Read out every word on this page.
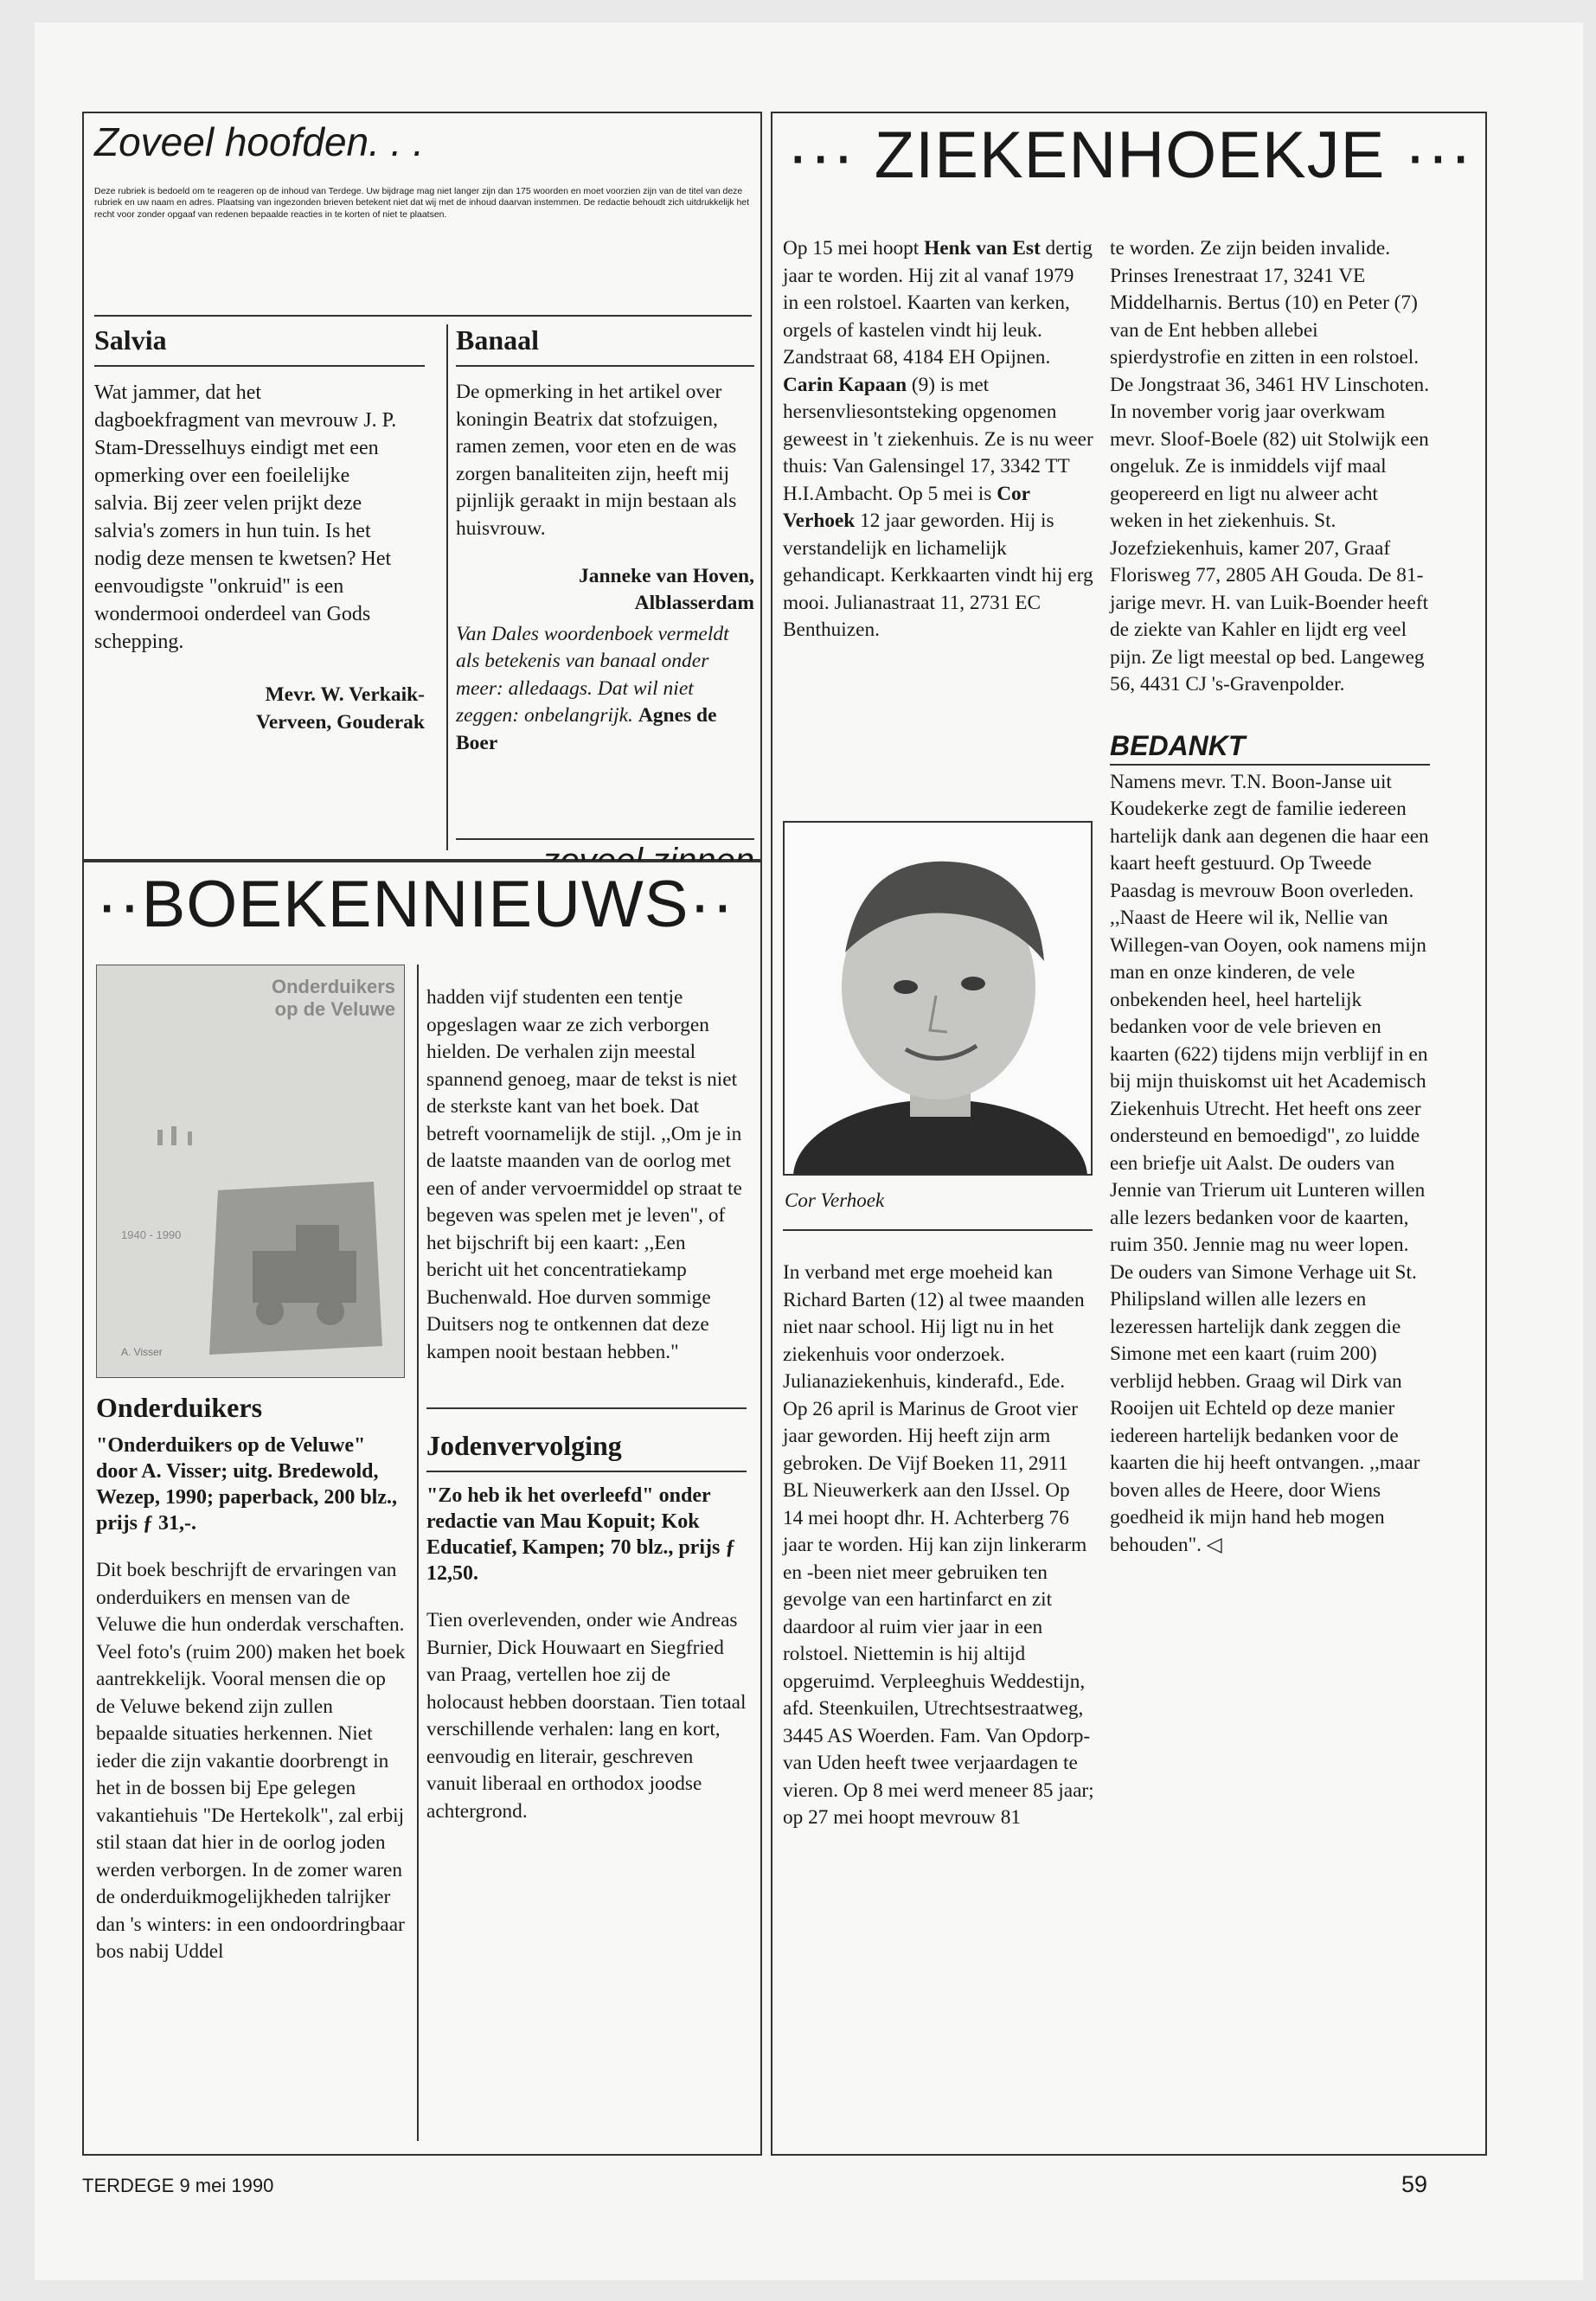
Zoveel hoofden. . .
Deze rubriek is bedoeld om te reageren op de inhoud van Terdege. Uw bijdrage mag niet langer zijn dan 175 woorden en moet voorzien zijn van de titel van deze rubriek en uw naam en adres. Plaatsing van ingezonden brieven betekent niet dat wij met de inhoud daarvan instemmen. De redactie behoudt zich uitdrukkelijk het recht voor zonder opgaaf van redenen bepaalde reacties in te korten of niet te plaatsen.
Salvia

Wat jammer, dat het dagboekfragment van mevrouw J. P. Stam-Dresselhuys eindigt met een opmerking over een foeilelijke salvia. Bij zeer velen prijkt deze salvia's zomers in hun tuin. Is het nodig deze mensen te kwetsen? Het eenvoudigste "onkruid" is een wondermooi onderdeel van Gods schepping.

Mevr. W. Verkaik-
Verveen, Gouderak
Banaal

De opmerking in het artikel over koningin Beatrix dat stofzuigen, ramen zemen, voor eten en de was zorgen banaliteiten zijn, heeft mij pijnlijk geraakt in mijn bestaan als huisvrouw.

Janneke van Hoven,
Alblasserdam

Van Dales woordenboek vermeldt als betekenis van banaal onder meer: alledaags. Dat wil niet zeggen: onbelangrijk. Agnes de Boer

··BOEKENNIEUWS··
Onderduikers
op de Veluwe
1940 - 1990
A. Visser
Onderduikers

"Onderduikers op de Veluwe" door A. Visser; uitg. Bredewold, Wezep, 1990; paperback, 200 blz., prijs ƒ 31,-.

Dit boek beschrijft de ervaringen van onderduikers en mensen van de Veluwe die hun onderdak verschaften. Veel foto's (ruim 200) maken het boek aantrekkelijk. Vooral mensen die op de Veluwe bekend zijn zullen bepaalde situaties herkennen. Niet ieder die zijn vakantie doorbrengt in het in de bossen bij Epe gelegen vakantiehuis "De Hertekolk", zal erbij stil staan dat hier in de oorlog joden werden verborgen. In de zomer waren de onderduikmogelijkheden talrijker dan 's winters: in een ondoordringbaar bos nabij Uddel

hadden vijf studenten een tentje opgeslagen waar ze zich verborgen hielden. De verhalen zijn meestal spannend genoeg, maar de tekst is niet de sterkste kant van het boek. Dat betreft voornamelijk de stijl. ,,Om je in de laatste maanden van de oorlog met een of ander vervoermiddel op straat te begeven was spelen met je leven", of het bijschrift bij een kaart: ,,Een bericht uit het concentratiekamp Buchenwald. Hoe durven sommige Duitsers nog te ontkennen dat deze kampen nooit bestaan hebben."

Jodenvervolging

"Zo heb ik het overleefd" onder redactie van Mau Kopuit; Kok Educatief, Kampen; 70 blz., prijs ƒ 12,50.

Tien overlevenden, onder wie Andreas Burnier, Dick Houwaart en Siegfried van Praag, vertellen hoe zij de holocaust hebben doorstaan. Tien totaal verschillende verhalen: lang en kort, eenvoudig en literair, geschreven vanuit liberaal en orthodox joodse achtergrond.

··· ZIEKENHOEKJE ···

Op 15 mei hoopt Henk van Est dertig jaar te worden. Hij zit al vanaf 1979 in een rolstoel. Kaarten van kerken, orgels of kastelen vindt hij leuk. Zandstraat 68, 4184 EH Opijnen. Carin Kapaan (9) is met hersenvliesontsteking opgenomen geweest in 't ziekenhuis. Ze is nu weer thuis: Van Galensingel 17, 3342 TT H.I.Ambacht. Op 5 mei is Cor Verhoek 12 jaar geworden. Hij is verstandelijk en lichamelijk gehandicapt. Kerkkaarten vindt hij erg mooi. Julianastraat 11, 2731 EC Benthuizen.

Cor Verhoek

In verband met erge moeheid kan Richard Barten (12) al twee maanden niet naar school. Hij ligt nu in het ziekenhuis voor onderzoek. Julianaziekenhuis, kinderafd., Ede. Op 26 april is Marinus de Groot vier jaar geworden. Hij heeft zijn arm gebroken. De Vijf Boeken 11, 2911 BL Nieuwerkerk aan den IJssel. Op 14 mei hoopt dhr. H. Achterberg 76 jaar te worden. Hij kan zijn linkerarm en -been niet meer gebruiken ten gevolge van een hartinfarct en zit daardoor al ruim vier jaar in een rolstoel. Niettemin is hij altijd opgeruimd. Verpleeghuis Weddestijn, afd. Steenkuilen, Utrechtsestraatweg, 3445 AS Woerden. Fam. Van Opdorp-van Uden heeft twee verjaardagen te vieren. Op 8 mei werd meneer 85 jaar; op 27 mei hoopt mevrouw 81

te worden. Ze zijn beiden invalide. Prinses Irenestraat 17, 3241 VE Middelharnis. Bertus (10) en Peter (7) van de Ent hebben allebei spierdystrofie en zitten in een rolstoel. De Jongstraat 36, 3461 HV Linschoten. In november vorig jaar overkwam mevr. Sloof-Boele (82) uit Stolwijk een ongeluk. Ze is inmiddels vijf maal geopereerd en ligt nu alweer acht weken in het ziekenhuis. St. Jozefziekenhuis, kamer 207, Graaf Florisweg 77, 2805 AH Gouda. De 81-jarige mevr. H. van Luik-Boender heeft de ziekte van Kahler en lijdt erg veel pijn. Ze ligt meestal op bed. Langeweg 56, 4431 CJ 's-Gravenpolder.

BEDANKT

Namens mevr. T.N. Boon-Janse uit Koudekerke zegt de familie iedereen hartelijk dank aan degenen die haar een kaart heeft gestuurd. Op Tweede Paasdag is mevrouw Boon overleden. ,,Naast de Heere wil ik, Nellie van Willegen-van Ooyen, ook namens mijn man en onze kinderen, de vele onbekenden heel, heel hartelijk bedanken voor de vele brieven en kaarten (622) tijdens mijn verblijf in en bij mijn thuiskomst uit het Academisch Ziekenhuis Utrecht. Het heeft ons zeer ondersteund en bemoedigd", zo luidde een briefje uit Aalst. De ouders van Jennie van Trierum uit Lunteren willen alle lezers bedanken voor de kaarten, ruim 350. Jennie mag nu weer lopen. De ouders van Simone Verhage uit St. Philipsland willen alle lezers en lezeressen hartelijk dank zeggen die Simone met een kaart (ruim 200) verblijd hebben. Graag wil Dirk van Rooijen uit Echteld op deze manier iedereen hartelijk bedanken voor de kaarten die hij heeft ontvangen. ,,maar boven alles de Heere, door Wiens goedheid ik mijn hand heb mogen behouden". ◁

TERDEGE 9 mei 1990	59
